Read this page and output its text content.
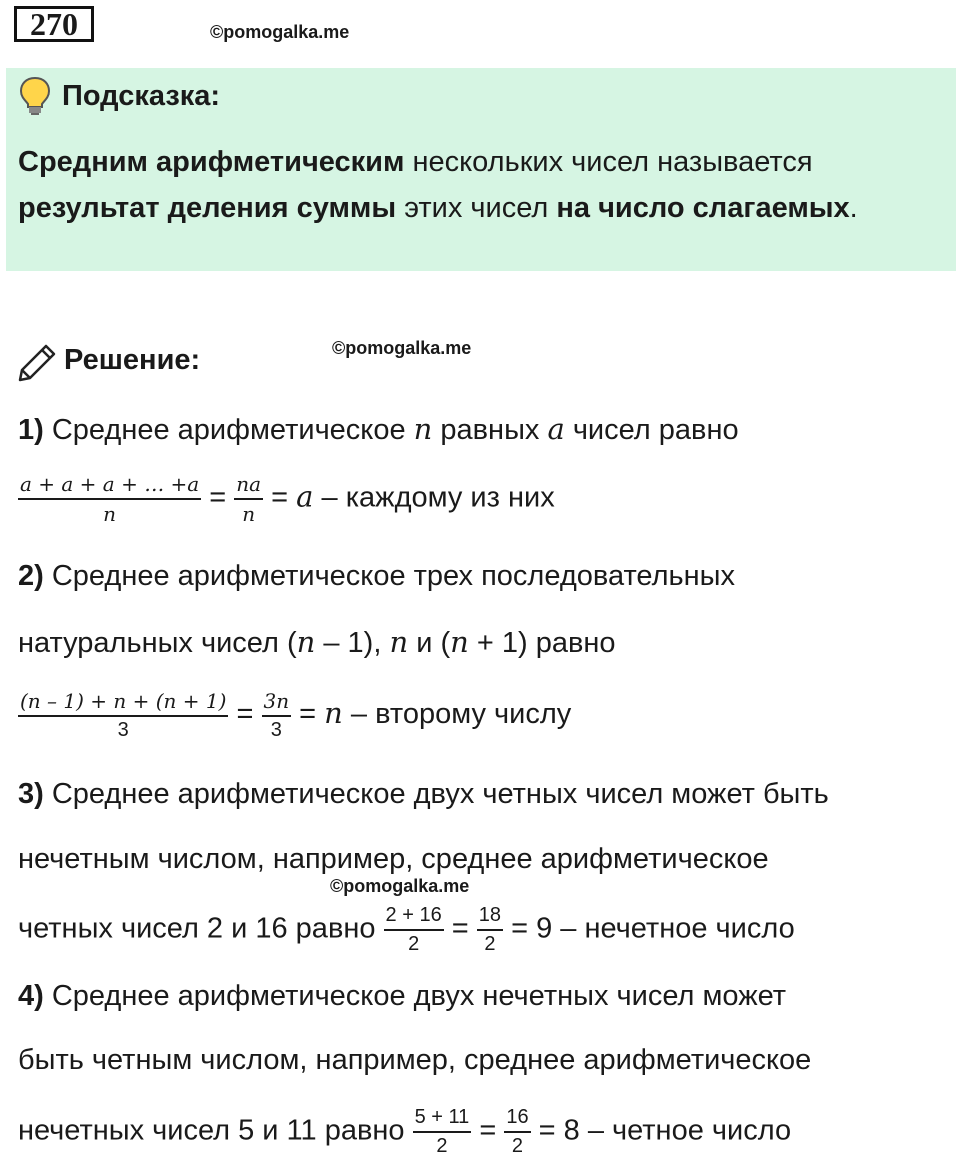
270	©pomogalka.me
Подсказка:
Средним арифметическим нескольких чисел называется
результат деления суммы этих чисел на число слагаемых.
Решение:	©pomogalka.me
1) Среднее арифметическое n равных a чисел равно
$\frac{a + a + a + \dots +a}{n} = \frac{na}{n} = a$ – каждому из них
2) Среднее арифметическое трех последовательных
натуральных чисел (n – 1), n и (n + 1) равно
$\frac{(n - 1) + n + (n + 1)}{3} = \frac{3n}{3} = n$ – второму числу
3) Среднее арифметическое двух четных чисел может быть
нечетным числом, например, среднее арифметическое
©pomogalka.me
четных чисел 2 и 16 равно $\frac{2 + 16}{2} = \frac{18}{2} = 9$ – нечетное число
4) Среднее арифметическое двух нечетных чисел может
быть четным числом, например, среднее арифметическое
нечетных чисел 5 и 11 равно $\frac{5 + 11}{2} = \frac{16}{2} = 8$ – четное число
